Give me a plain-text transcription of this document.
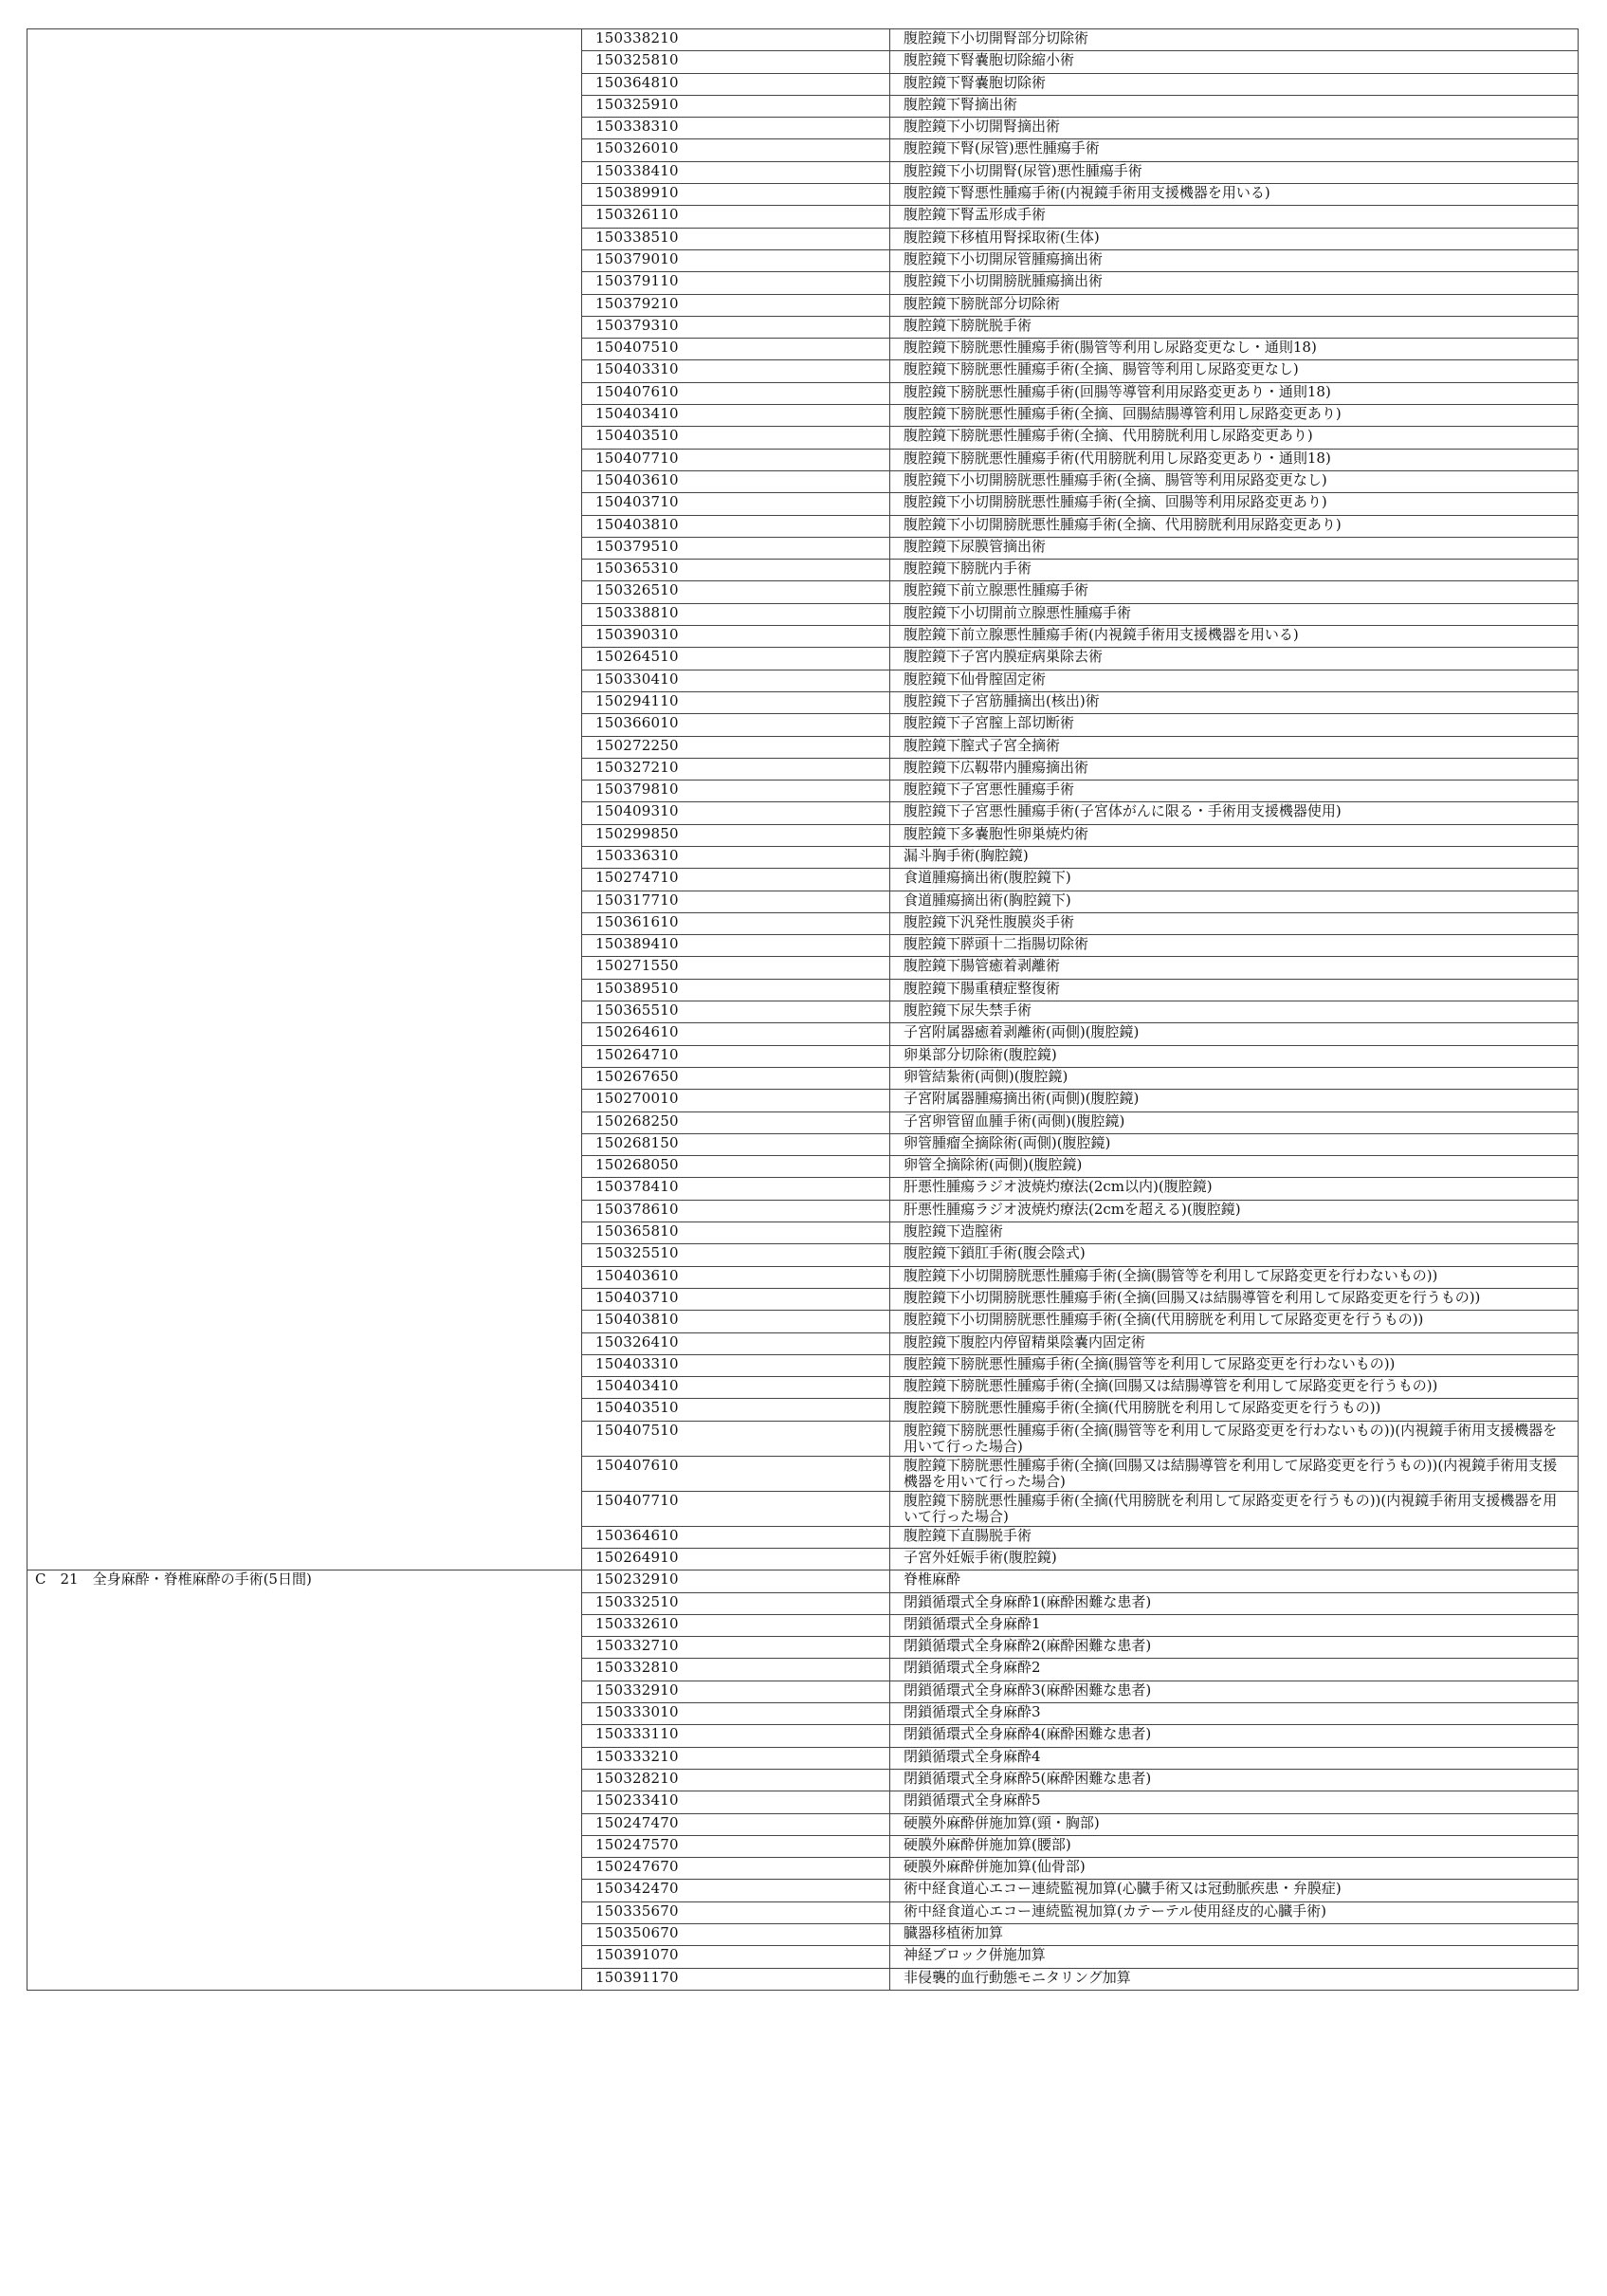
	150338210	腹腔鏡下小切開腎部分切除術
	150325810	腹腔鏡下腎嚢胞切除縮小術
	150364810	腹腔鏡下腎嚢胞切除術
	150325910	腹腔鏡下腎摘出術
	150338310	腹腔鏡下小切開腎摘出術
	150326010	腹腔鏡下腎(尿管)悪性腫瘍手術
	150338410	腹腔鏡下小切開腎(尿管)悪性腫瘍手術
	150389910	腹腔鏡下腎悪性腫瘍手術(内視鏡手術用支援機器を用いる)
	150326110	腹腔鏡下腎盂形成手術
	150338510	腹腔鏡下移植用腎採取術(生体)
	150379010	腹腔鏡下小切開尿管腫瘍摘出術
	150379110	腹腔鏡下小切開膀胱腫瘍摘出術
	150379210	腹腔鏡下膀胱部分切除術
	150379310	腹腔鏡下膀胱脱手術
	150407510	腹腔鏡下膀胱悪性腫瘍手術(腸管等利用し尿路変更なし・通則18)
	150403310	腹腔鏡下膀胱悪性腫瘍手術(全摘、腸管等利用し尿路変更なし)
	150407610	腹腔鏡下膀胱悪性腫瘍手術(回腸等導管利用尿路変更あり・通則18)
	150403410	腹腔鏡下膀胱悪性腫瘍手術(全摘、回腸結腸導管利用し尿路変更あり)
	150403510	腹腔鏡下膀胱悪性腫瘍手術(全摘、代用膀胱利用し尿路変更あり)
	150407710	腹腔鏡下膀胱悪性腫瘍手術(代用膀胱利用し尿路変更あり・通則18)
	150403610	腹腔鏡下小切開膀胱悪性腫瘍手術(全摘、腸管等利用尿路変更なし)
	150403710	腹腔鏡下小切開膀胱悪性腫瘍手術(全摘、回腸等利用尿路変更あり)
	150403810	腹腔鏡下小切開膀胱悪性腫瘍手術(全摘、代用膀胱利用尿路変更あり)
	150379510	腹腔鏡下尿膜管摘出術
	150365310	腹腔鏡下膀胱内手術
	150326510	腹腔鏡下前立腺悪性腫瘍手術
	150338810	腹腔鏡下小切開前立腺悪性腫瘍手術
	150390310	腹腔鏡下前立腺悪性腫瘍手術(内視鏡手術用支援機器を用いる)
	150264510	腹腔鏡下子宮内膜症病巣除去術
	150330410	腹腔鏡下仙骨膣固定術
	150294110	腹腔鏡下子宮筋腫摘出(核出)術
	150366010	腹腔鏡下子宮膣上部切断術
	150272250	腹腔鏡下膣式子宮全摘術
	150327210	腹腔鏡下広靱帯内腫瘍摘出術
	150379810	腹腔鏡下子宮悪性腫瘍手術
	150409310	腹腔鏡下子宮悪性腫瘍手術(子宮体がんに限る・手術用支援機器使用)
	150299850	腹腔鏡下多嚢胞性卵巣焼灼術
	150336310	漏斗胸手術(胸腔鏡)
	150274710	食道腫瘍摘出術(腹腔鏡下)
	150317710	食道腫瘍摘出術(胸腔鏡下)
	150361610	腹腔鏡下汎発性腹膜炎手術
	150389410	腹腔鏡下膵頭十二指腸切除術
	150271550	腹腔鏡下腸管癒着剥離術
	150389510	腹腔鏡下腸重積症整復術
	150365510	腹腔鏡下尿失禁手術
	150264610	子宮附属器癒着剥離術(両側)(腹腔鏡)
	150264710	卵巣部分切除術(腹腔鏡)
	150267650	卵管結紮術(両側)(腹腔鏡)
	150270010	子宮附属器腫瘍摘出術(両側)(腹腔鏡)
	150268250	子宮卵管留血腫手術(両側)(腹腔鏡)
	150268150	卵管腫瘤全摘除術(両側)(腹腔鏡)
	150268050	卵管全摘除術(両側)(腹腔鏡)
	150378410	肝悪性腫瘍ラジオ波焼灼療法(2cm以内)(腹腔鏡)
	150378610	肝悪性腫瘍ラジオ波焼灼療法(2cmを超える)(腹腔鏡)
	150365810	腹腔鏡下造膣術
	150325510	腹腔鏡下鎖肛手術(腹会陰式)
	150403610	腹腔鏡下小切開膀胱悪性腫瘍手術(全摘(腸管等を利用して尿路変更を行わないもの))
	150403710	腹腔鏡下小切開膀胱悪性腫瘍手術(全摘(回腸又は結腸導管を利用して尿路変更を行うもの))
	150403810	腹腔鏡下小切開膀胱悪性腫瘍手術(全摘(代用膀胱を利用して尿路変更を行うもの))
	150326410	腹腔鏡下腹腔内停留精巣陰嚢内固定術
	150403310	腹腔鏡下膀胱悪性腫瘍手術(全摘(腸管等を利用して尿路変更を行わないもの))
	150403410	腹腔鏡下膀胱悪性腫瘍手術(全摘(回腸又は結腸導管を利用して尿路変更を行うもの))
	150403510	腹腔鏡下膀胱悪性腫瘍手術(全摘(代用膀胱を利用して尿路変更を行うもの))
	150407510	腹腔鏡下膀胱悪性腫瘍手術(全摘(腸管等を利用して尿路変更を行わないもの))(内視鏡手術用支援機器を用いて行った場合)
	150407610	腹腔鏡下膀胱悪性腫瘍手術(全摘(回腸又は結腸導管を利用して尿路変更を行うもの))(内視鏡手術用支援機器を用いて行った場合)
	150407710	腹腔鏡下膀胱悪性腫瘍手術(全摘(代用膀胱を利用して尿路変更を行うもの))(内視鏡手術用支援機器を用いて行った場合)
	150364610	腹腔鏡下直腸脱手術
	150264910	子宮外妊娠手術(腹腔鏡)
C　21　全身麻酔・脊椎麻酔の手術(5日間)	150232910	脊椎麻酔
	150332510	閉鎖循環式全身麻酔1(麻酔困難な患者)
	150332610	閉鎖循環式全身麻酔1
	150332710	閉鎖循環式全身麻酔2(麻酔困難な患者)
	150332810	閉鎖循環式全身麻酔2
	150332910	閉鎖循環式全身麻酔3(麻酔困難な患者)
	150333010	閉鎖循環式全身麻酔3
	150333110	閉鎖循環式全身麻酔4(麻酔困難な患者)
	150333210	閉鎖循環式全身麻酔4
	150328210	閉鎖循環式全身麻酔5(麻酔困難な患者)
	150233410	閉鎖循環式全身麻酔5
	150247470	硬膜外麻酔併施加算(頸・胸部)
	150247570	硬膜外麻酔併施加算(腰部)
	150247670	硬膜外麻酔併施加算(仙骨部)
	150342470	術中経食道心エコー連続監視加算(心臓手術又は冠動脈疾患・弁膜症)
	150335670	術中経食道心エコー連続監視加算(カテーテル使用経皮的心臓手術)
	150350670	臓器移植術加算
	150391070	神経ブロック併施加算
	150391170	非侵襲的血行動態モニタリング加算
